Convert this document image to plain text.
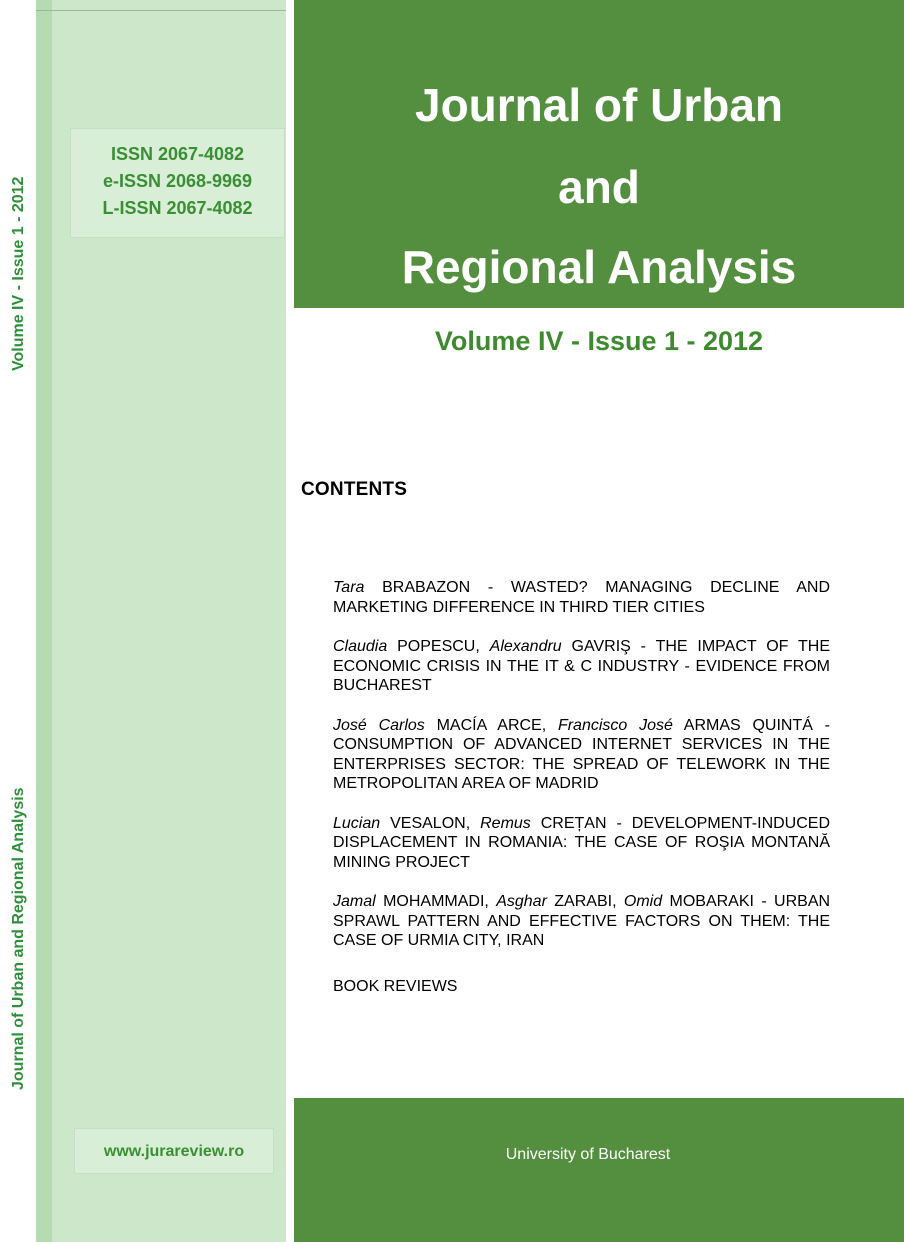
Volume IV - Issue 1 - 2012
Journal of Urban and Regional Analysis
ISSN 2067-4082
e-ISSN 2068-9969
L-ISSN 2067-4082
www.jurareview.ro
Journal of Urban
and
Regional Analysis
Volume IV - Issue 1 - 2012
CONTENTS
Tara BRABAZON - WASTED? MANAGING DECLINE AND MARKETING DIFFERENCE IN THIRD TIER CITIES
Claudia POPESCU, Alexandru GAVRIŞ - THE IMPACT OF THE ECONOMIC CRISIS IN THE IT & C INDUSTRY - EVIDENCE FROM BUCHAREST
José Carlos MACÍA ARCE, Francisco José ARMAS QUINTÁ - CONSUMPTION OF ADVANCED INTERNET SERVICES IN THE ENTERPRISES SECTOR: THE SPREAD OF TELEWORK IN THE METROPOLITAN AREA OF MADRID
Lucian VESALON, Remus CREȚAN - DEVELOPMENT-INDUCED DISPLACEMENT IN ROMANIA: THE CASE OF ROŞIA MONTANĂ MINING PROJECT
Jamal MOHAMMADI, Asghar ZARABI, Omid MOBARAKI - URBAN SPRAWL PATTERN AND EFFECTIVE FACTORS ON THEM: THE CASE OF URMIA CITY, IRAN
BOOK REVIEWS
University of Bucharest
